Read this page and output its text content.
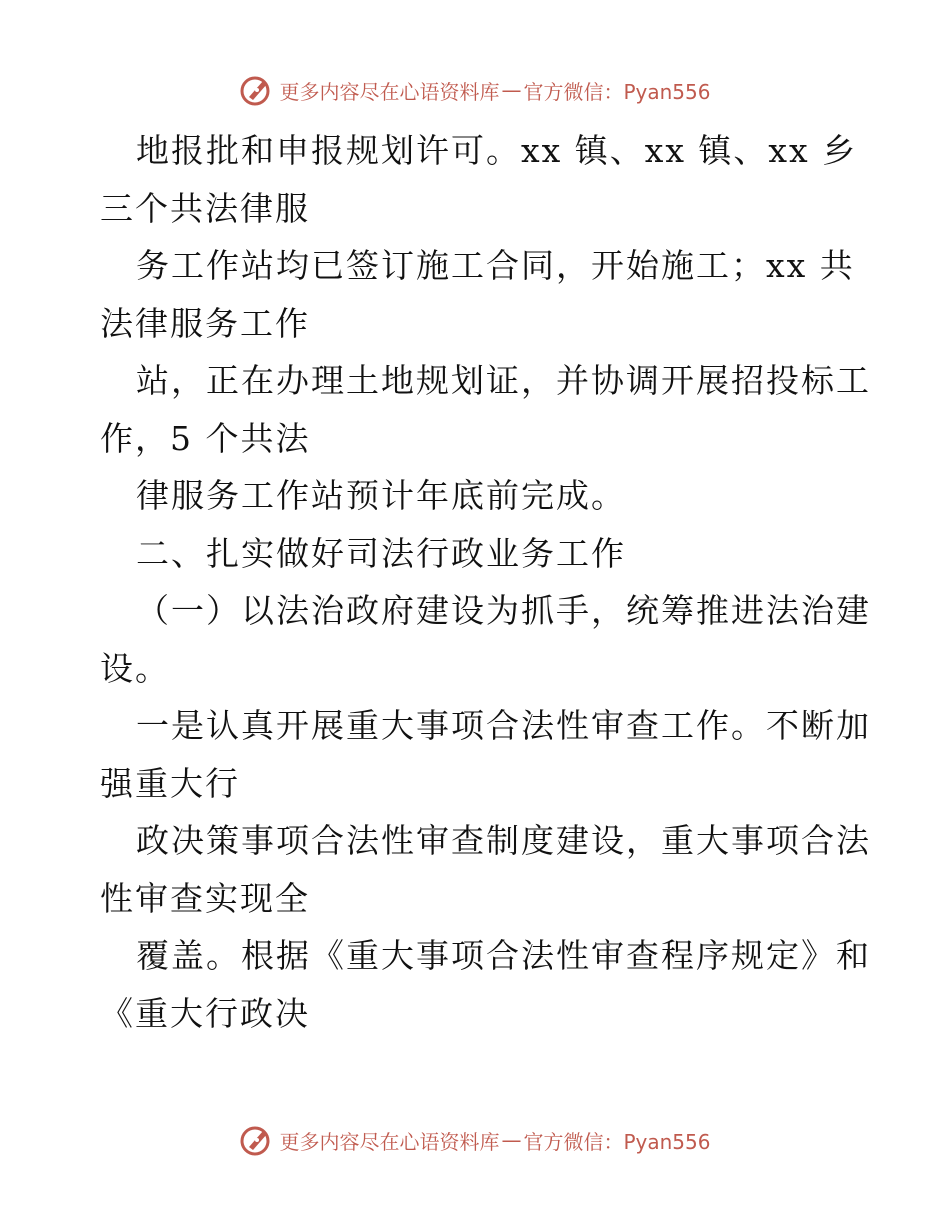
更多内容尽在心语资料库 — 官方微信：Pyan556
地报批和申报规划许可。xx 镇、xx 镇、xx 乡
三个共法律服
务工作站均已签订施工合同，开始施工；xx 共
法律服务工作
站，正在办理土地规划证，并协调开展招投标工
作，5 个共法
律服务工作站预计年底前完成。
二、扎实做好司法行政业务工作
（一）以法治政府建设为抓手，统筹推进法治建
设。
一是认真开展重大事项合法性审查工作。不断加
强重大行
政决策事项合法性审查制度建设，重大事项合法
性审查实现全
覆盖。根据《重大事项合法性审查程序规定》和
《重大行政决
更多内容尽在心语资料库 — 官方微信：Pyan556
